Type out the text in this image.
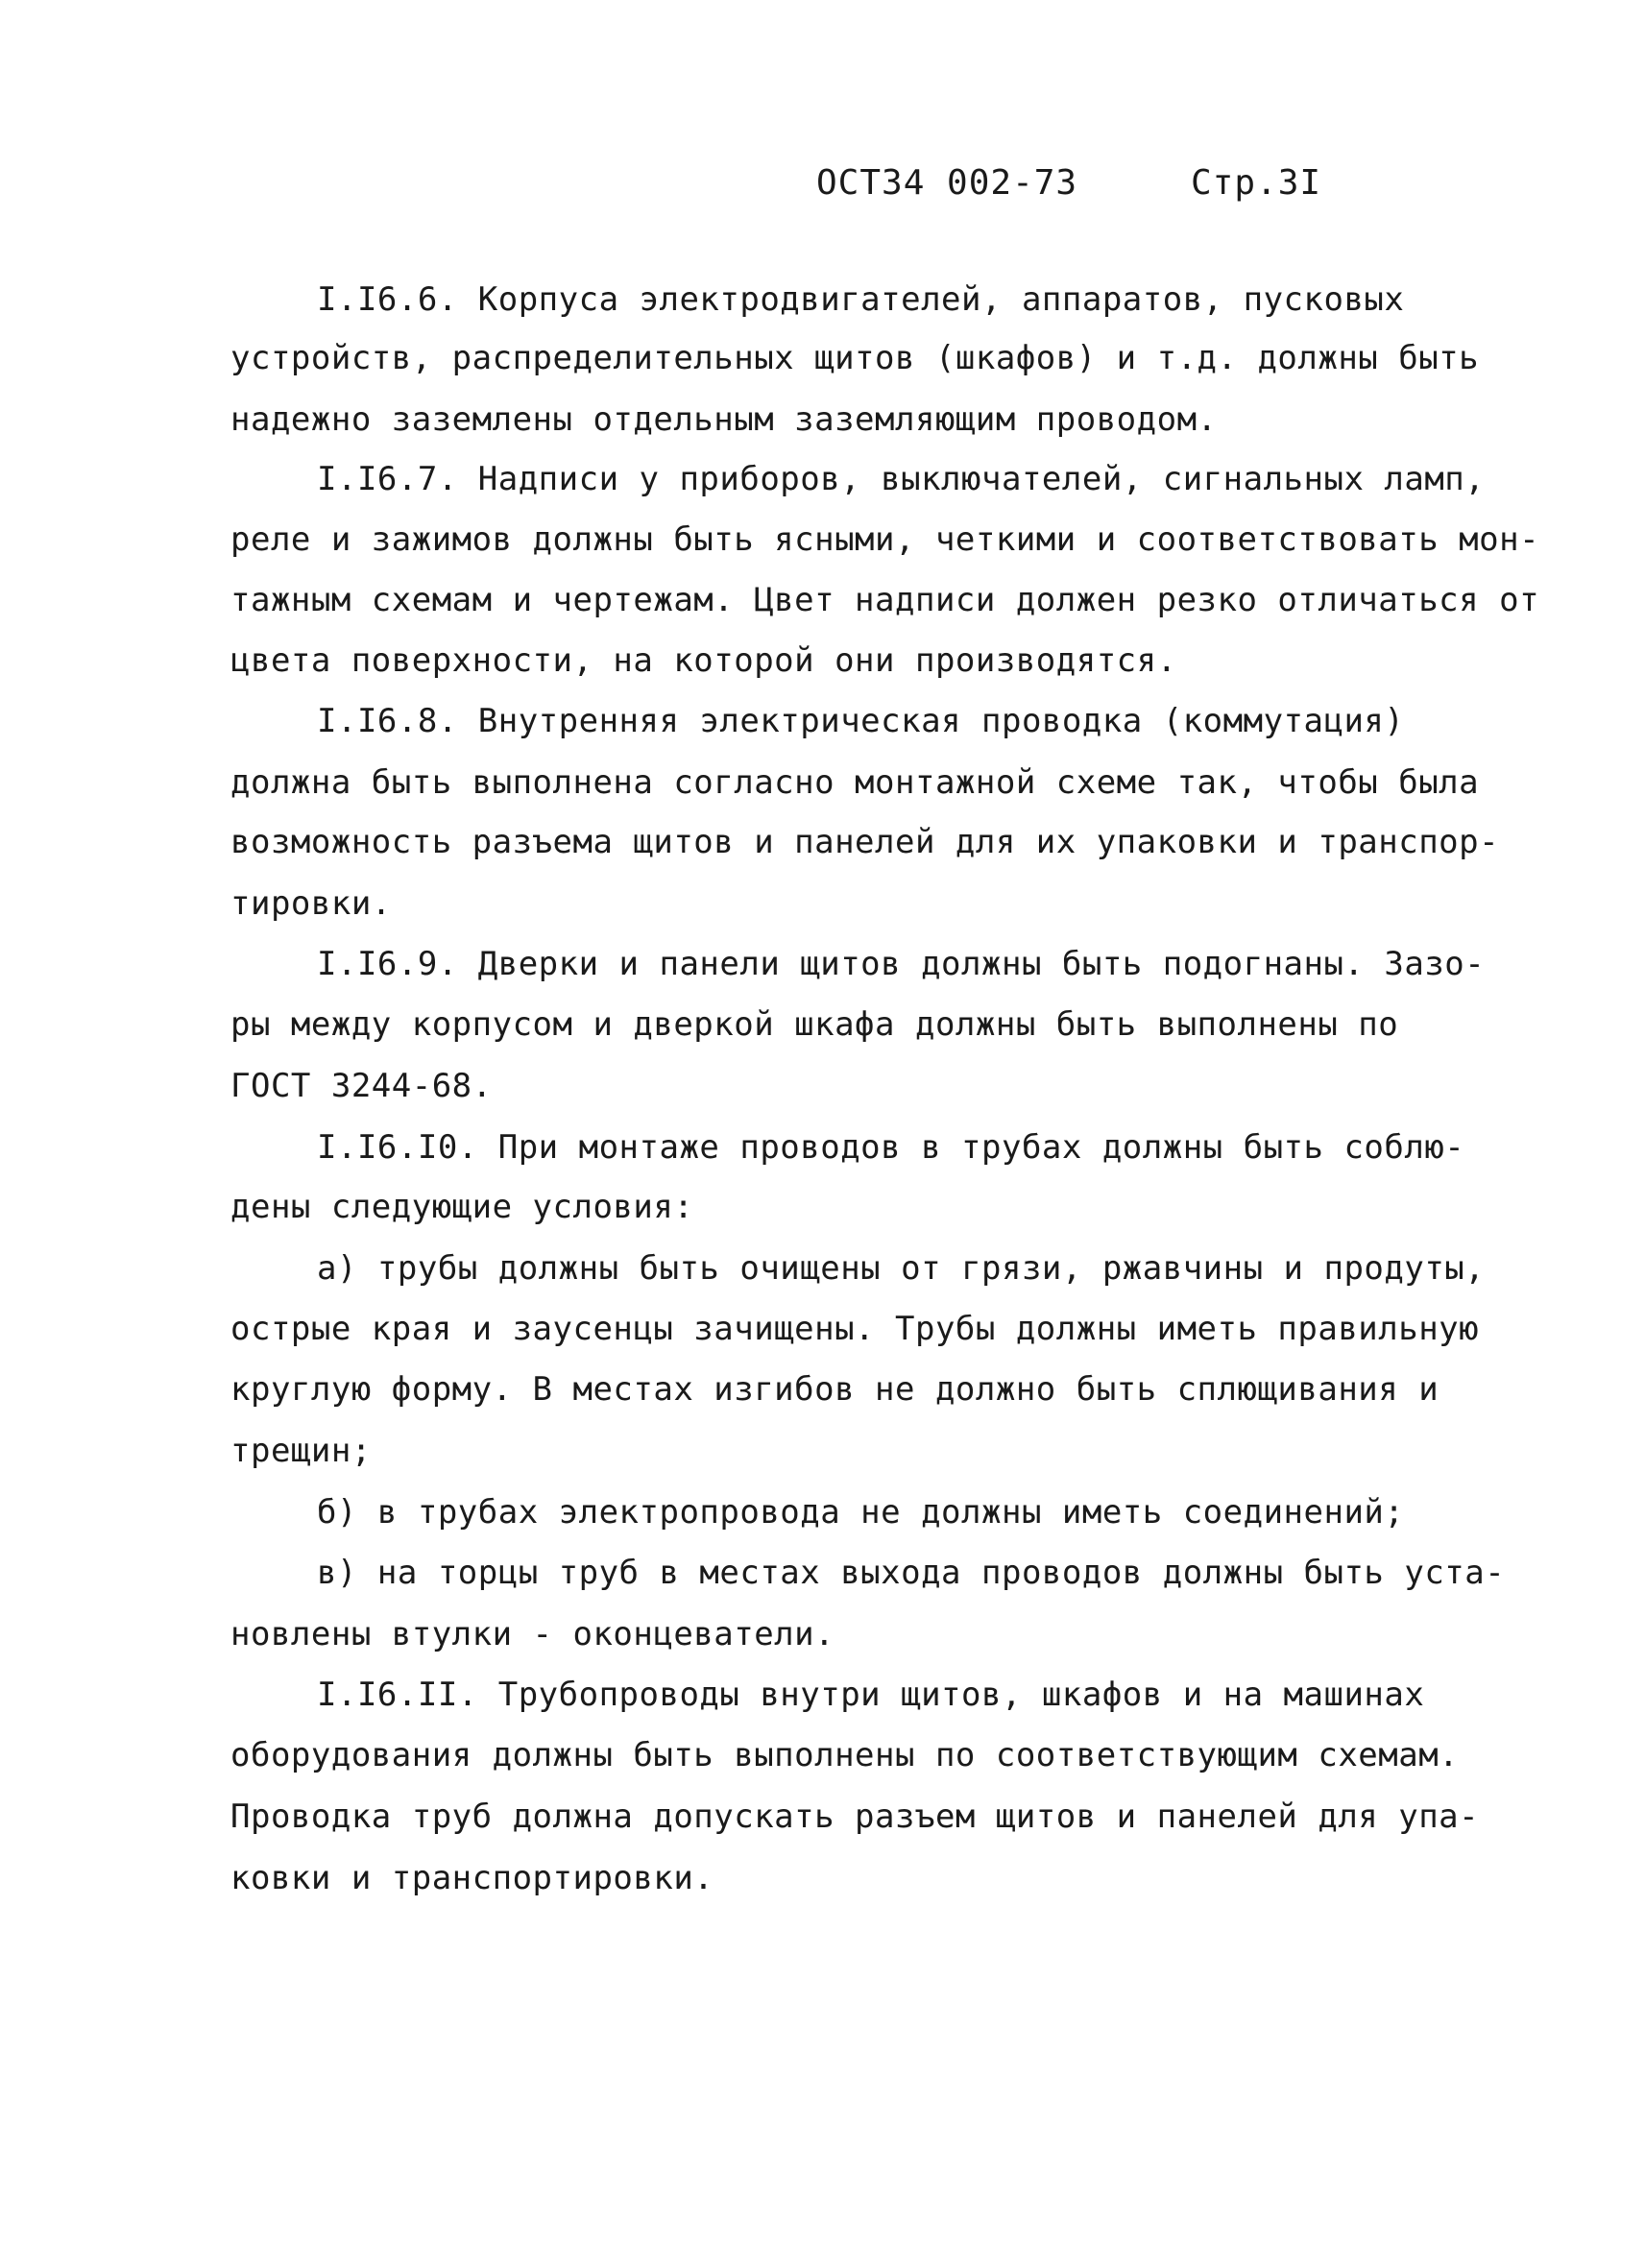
ОСТ34 002-73	Стр.3I
I.I6.6. Корпуса электродвигателей, аппаратов, пусковых
устройств, распределительных щитов (шкафов) и т.д. должны быть
надежно заземлены отдельным заземляющим проводом.
I.I6.7. Надписи у приборов, выключателей, сигнальных ламп,
реле и зажимов должны быть ясными, четкими и соответствовать мон-
тажным схемам и чертежам. Цвет надписи должен резко отличаться от
цвета поверхности, на которой они производятся.
I.I6.8. Внутренняя электрическая проводка (коммутация)
должна быть выполнена согласно монтажной схеме так, чтобы была
возможность разъема щитов и панелей для их упаковки и транспор-
тировки.
I.I6.9. Дверки и панели щитов должны быть подогнаны. Зазо-
ры между корпусом и дверкой шкафа должны быть выполнены по
ГОСТ 3244-68.
I.I6.I0. При монтаже проводов в трубах должны быть соблю-
дены следующие условия:
а) трубы должны быть очищены от грязи, ржавчины и продуты,
острые края и заусенцы зачищены. Трубы должны иметь правильную
круглую форму. В местах изгибов не должно быть сплющивания и
трещин;
б) в трубах электропровода не должны иметь соединений;
в) на торцы труб в местах выхода проводов должны быть уста-
новлены втулки - оконцеватели.
I.I6.II. Трубопроводы внутри щитов, шкафов и на машинах
оборудования должны быть выполнены по соответствующим схемам.
Проводка труб должна допускать разъем щитов и панелей для упа-
ковки и транспортировки.
